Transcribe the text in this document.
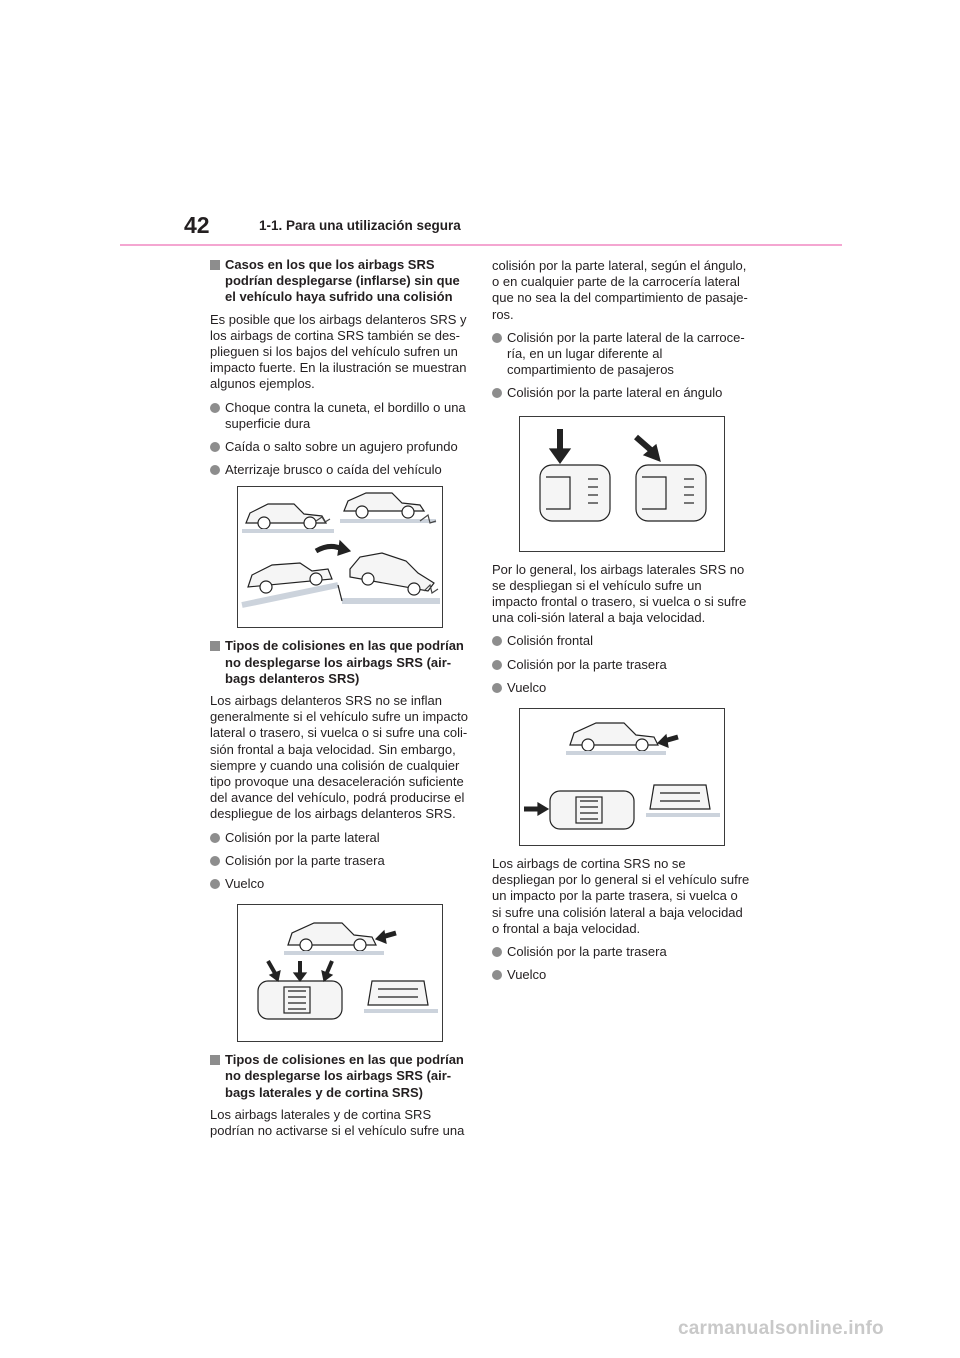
42	1-1. Para una utilización segura
Casos en los que los airbags SRS podrían desplegarse (inflarse) sin que el vehículo haya sufrido una colisión
Es posible que los airbags delanteros SRS y los airbags de cortina SRS también se des-plieguen si los bajos del vehículo sufren un impacto fuerte. En la ilustración se muestran algunos ejemplos.
Choque contra la cuneta, el bordillo o una superficie dura
Caída o salto sobre un agujero profundo
Aterrizaje brusco o caída del vehículo
Tipos de colisiones en las que podrían no desplegarse los airbags SRS (air-bags delanteros SRS)
Los airbags delanteros SRS no se inflan generalmente si el vehículo sufre un impacto lateral o trasero, si vuelca o si sufre una coli-sión frontal a baja velocidad. Sin embargo, siempre y cuando una colisión de cualquier tipo provoque una desaceleración suficiente del avance del vehículo, podrá producirse el despliegue de los airbags delanteros SRS.
Colisión por la parte lateral
Colisión por la parte trasera
Vuelco
Tipos de colisiones en las que podrían no desplegarse los airbags SRS (air-bags laterales y de cortina SRS)
Los airbags laterales y de cortina SRS podrían no activarse si el vehículo sufre una
colisión por la parte lateral, según el ángulo, o en cualquier parte de la carrocería lateral que no sea la del compartimiento de pasaje-ros.
Colisión por la parte lateral de la carroce-ría, en un lugar diferente al compartimiento de pasajeros
Colisión por la parte lateral en ángulo
Por lo general, los airbags laterales SRS no se despliegan si el vehículo sufre un impacto frontal o trasero, si vuelca o si sufre una coli-sión lateral a baja velocidad.
Colisión frontal
Colisión por la parte trasera
Vuelco
Los airbags de cortina SRS no se despliegan por lo general si el vehículo sufre un impacto por la parte trasera, si vuelca o si sufre una colisión lateral a baja velocidad o frontal a baja velocidad.
Colisión por la parte trasera
Vuelco
carmanualsonline.info
